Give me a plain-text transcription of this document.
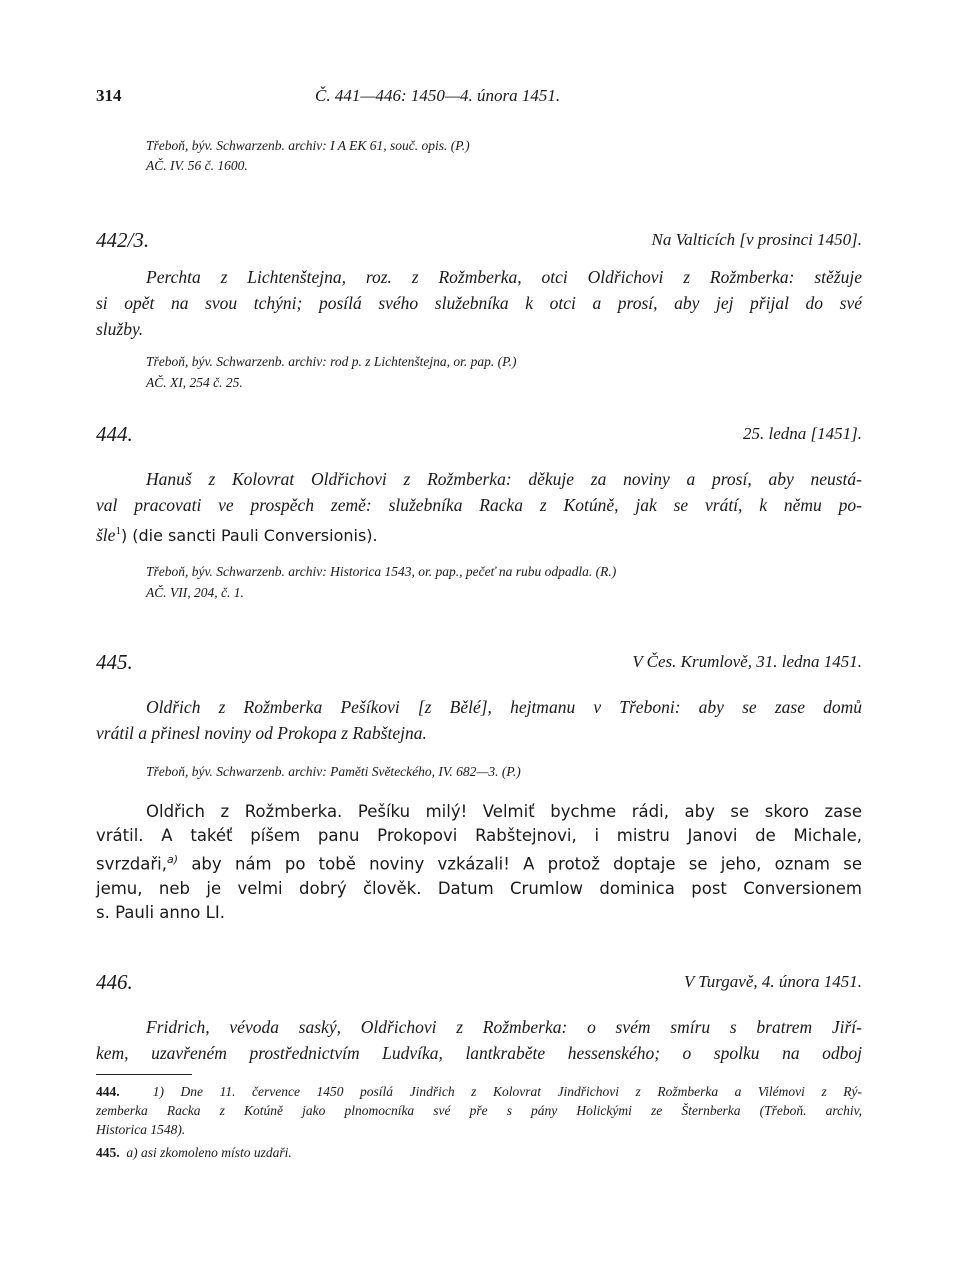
314	Č. 441—446: 1450—4. února 1451.
Třeboň, býv. Schwarzenb. archiv: I A EK 61, souč. opis. (P.)
AČ. IV. 56 č. 1600.
442/3.	Na Valticích [v prosinci 1450].
Perchta z Lichtenštejna, roz. z Rožmberka, otci Oldřichovi z Rožmberka: stěžuje
si opět na svou tchýni; posílá svého služebníka k otci a prosí, aby jej přijal do své
služby.
Třeboň, býv. Schwarzenb. archiv: rod p. z Lichtenštejna, or. pap. (P.)
AČ. XI, 254 č. 25.
444.	25. ledna [1451].
Hanuš z Kolovrat Oldřichovi z Rožmberka: děkuje za noviny a prosí, aby neustá-
val pracovati ve prospěch země: služebníka Racka z Kotúně, jak se vrátí, k němu po-
šle$^1$) (die sancti Pauli Conversionis).
Třeboň, býv. Schwarzenb. archiv: Historica 1543, or. pap., pečeť na rubu odpadla. (R.)
AČ. VII, 204, č. 1.
445.	V Čes. Krumlově, 31. ledna 1451.
Oldřich z Rožmberka Pešíkovi [z Bělé], hejtmanu v Třeboni: aby se zase domů
vrátil a přinesl noviny od Prokopa z Rabštejna.
Třeboň, býv. Schwarzenb. archiv: Paměti Světeckého, IV. 682—3. (P.)
Oldřich z Rožmberka. Pešíku milý! Velmiť bychme rádi, aby se skoro zase
vrátil. A takéť píšem panu Prokopovi Rabštejnovi, i mistru Janovi de Michale,
svrzdaři,$^{a)}$ aby nám po tobě noviny vzkázali! A protož doptaje se jeho, oznam se
jemu, neb je velmi dobrý člověk. Datum Crumlow dominica post Conversionem
s. Pauli anno LI.
446.	V Turgavě, 4. února 1451.
Fridrich, vévoda saský, Oldřichovi z Rožmberka: o svém smíru s bratrem Jiří-
kem, uzavřeném prostřednictvím Ludvíka, lantkraběte hessenského; o spolku na odboj
444. 1) Dne 11. července 1450 posílá Jindřich z Kolovrat Jindřichovi z Rožmberka a Vilémovi z Rý-
zemberka Racka z Kotúně jako plnomocníka své pře s pány Holickými ze Šternberka (Třeboň. archiv,
Historica 1548).
445. a) asi zkomoleno místo uzdaři.
